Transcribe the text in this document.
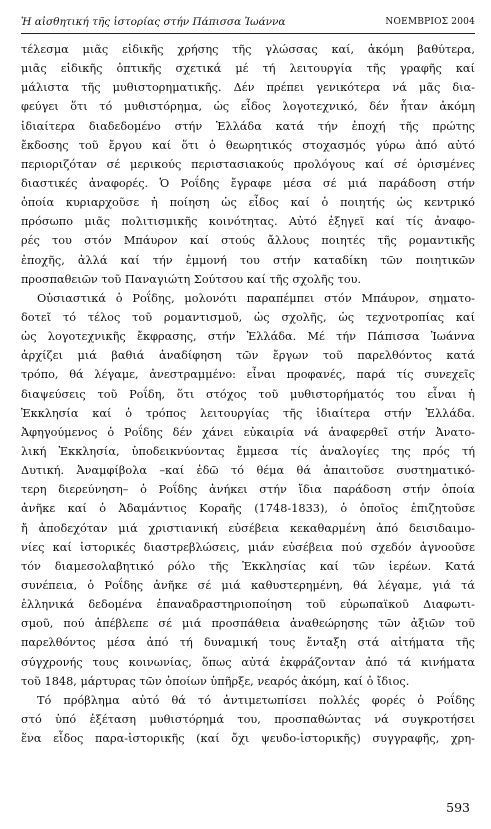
Ἡ αἰσθητική τῆς ἱστορίας στήν Πάπισσα Ἰωάννα	ΝΟΕΜΒΡΙΟΣ 2004
τέλεσμα μιᾶς εἰδικῆς χρήσης τῆς γλώσσας καί, ἀκόμη βαθύτερα,
μιᾶς εἰδικῆς ὀπτικῆς σχετικά μέ τή λειτουργία τῆς γραφῆς καί
μάλιστα τῆς μυθιστορηματικῆς. Δέν πρέπει γενικότερα νά μᾶς δια-
φεύγει ὅτι τό μυθιστόρημα, ὡς εἶδος λογοτεχνικό, δέν ἦταν ἀκόμη
ἰδιαίτερα διαδεδομένο στήν Ἑλλάδα κατά τήν ἐποχή τῆς πρώτης
ἔκδοσης τοῦ ἔργου καί ὅτι ὁ θεωρητικός στοχασμός γύρω ἀπό αὐτό
περιοριζόταν σέ μερικούς περιστασιακούς προλόγους καί σέ ὁρισμένες
διαστικές ἀναφορές. Ὁ Ροΐδης ἔγραφε μέσα σέ μιά παράδοση στήν
ὁποία κυριαρχοῦσε ἡ ποίηση ὡς εἶδος καί ὁ ποιητής ὡς κεντρικό
πρόσωπο μιᾶς πολιτισμικῆς κοινότητας. Αὐτό ἐξηγεῖ καί τίς ἀναφο-
ρές του στόν Μπάυρον καί στούς ἄλλους ποιητές τῆς ρομαντικῆς
ἐποχῆς, ἀλλά καί τήν ἐμμονή του στήν καταδίκη τῶν ποιητικῶν
προσπαθειῶν τοῦ Παναγιώτη Σούτσου καί τῆς σχολῆς του.
Οὐσιαστικά ὁ Ροΐδης, μολονότι παραπέμπει στόν Μπάυρον, σηματο-
δοτεῖ τό τέλος τοῦ ρομαντισμοῦ, ὡς σχολῆς, ὡς τεχνοτροπίας καί
ὡς λογοτεχνικῆς ἔκφρασης, στήν Ἑλλάδα. Μέ τήν Πάπισσα Ἰωάννα
ἀρχίζει μιά βαθιά ἀναδίφηση τῶν ἔργων τοῦ παρελθόντος κατά
τρόπο, θά λέγαμε, ἀνεστραμμένο: εἶναι προφανές, παρά τίς συνεχεῖς
διαψεύσεις τοῦ Ροΐδη, ὅτι στόχος τοῦ μυθιστορήματός του εἶναι ἡ
Ἐκκλησία καί ὁ τρόπος λειτουργίας τῆς ἰδιαίτερα στήν Ἑλλάδα.
Ἀφηγούμενος ὁ Ροΐδης δέν χάνει εὐκαιρία νά ἀναφερθεῖ στήν Ἀνατο-
λική Ἐκκλησία, ὑποδεικνύοντας ἔμμεσα τίς ἀναλογίες της πρός τή
Δυτική. Ἀναμφίβολα –καί ἐδῶ τό θέμα θά ἀπαιτοῦσε συστηματικό-
τερη διερεύνηση– ὁ Ροΐδης ἀνήκει στήν ἴδια παράδοση στήν ὁποία
ἀνῆκε καί ὁ Ἀδαμάντιος Κοραῆς (1748-1833), ὁ ὁποῖος ἐπιζητοῦσε
ἤ ἀποδεχόταν μιά χριστιανική εὐσέβεια κεκαθαρμένη ἀπό δεισιδαιμο-
νίες καί ἱστορικές διαστρεβλώσεις, μιάν εὐσέβεια πού σχεδόν ἀγνοοῦσε
τόν διαμεσολαβητικό ρόλο τῆς Ἐκκλησίας καί τῶν ἱερέων. Κατά
συνέπεια, ὁ Ροΐδης ἀνῆκε σέ μιά καθυστερημένη, θά λέγαμε, γιά τά
ἑλληνικά δεδομένα ἐπαναδραστηριοποίηση τοῦ εὐρωπαϊκοῦ Διαφωτι-
σμοῦ, πού ἀπέβλεπε σέ μιά προσπάθεια ἀναθεώρησης τῶν ἀξιῶν τοῦ
παρελθόντος μέσα ἀπό τή δυναμική τους ἔνταξη στά αἰτήματα τῆς
σύγχρονής τους κοινωνίας, ὅπως αὐτά ἐκφράζονταν ἀπό τά κινήματα
τοῦ 1848, μάρτυρας τῶν ὁποίων ὑπῆρξε, νεαρός ἀκόμη, καί ὁ ἴδιος.
Τό πρόβλημα αὐτό θά τό ἀντιμετωπίσει πολλές φορές ὁ Ροΐδης
στό ὑπό ἐξέταση μυθιστόρημά του, προσπαθώντας νά συγκροτήσει
ἕνα εἶδος παρα-ἱστορικῆς (καί ὄχι ψευδο-ἱστορικῆς) συγγραφῆς, χρη-
593
